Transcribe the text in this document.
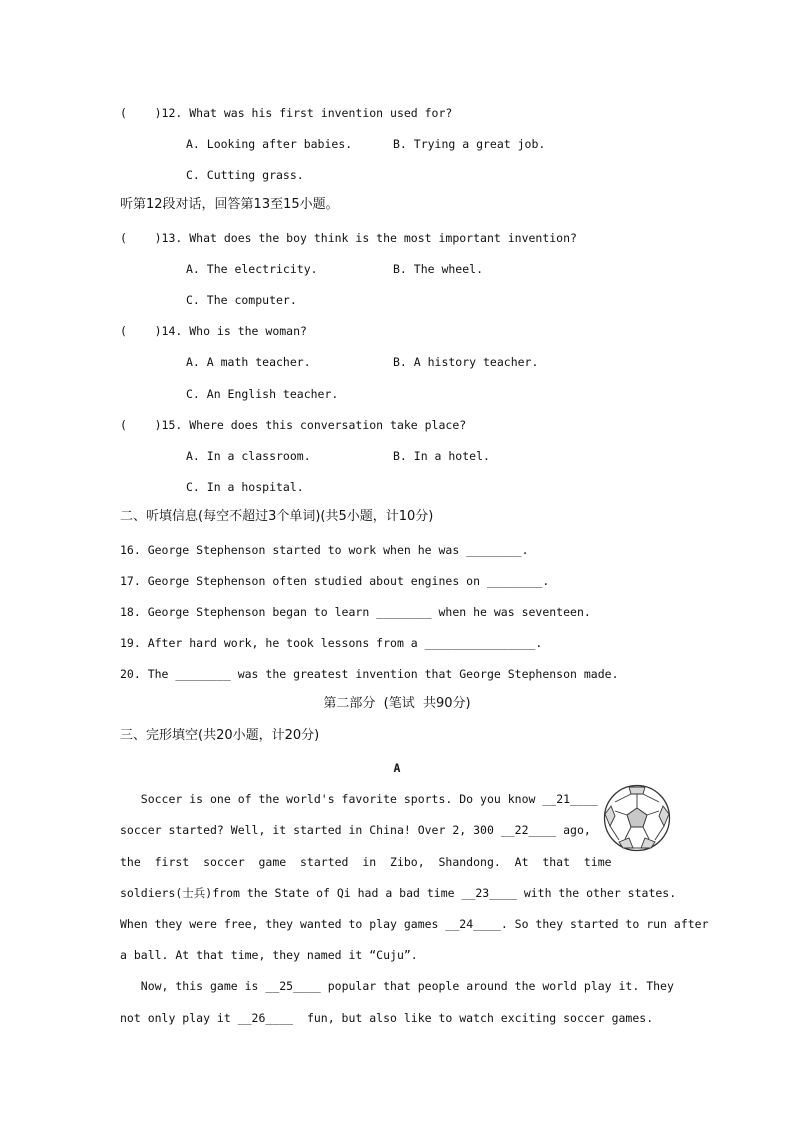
(    )12. What was his first invention used for?
A. Looking after babies.	B. Trying a great job.
C. Cutting grass.
听第12段对话，回答第13至15小题。
(    )13. What does the boy think is the most important invention?
A. The electricity.	B. The wheel.
C. The computer.
(    )14. Who is the woman?
A. A math teacher.	B. A history teacher.
C. An English teacher.
(    )15. Where does this conversation take place?
A. In a classroom.	B. In a hotel.
C. In a hospital.
二、听填信息(每空不超过3个单词)(共5小题，计10分)
16. George Stephenson started to work when he was ________.
17. George Stephenson often studied about engines on ________.
18. George Stephenson began to learn ________ when he was seventeen.
19. After hard work, he took lessons from a ________________.
20. The ________ was the greatest invention that George Stephenson made.
第二部分  (笔试  共90分)
三、完形填空(共20小题，计20分)
A
Soccer is one of the world's favorite sports. Do you know __21____
soccer started? Well, it started in China! Over 2, 300 __22____ ago,
the  first  soccer  game  started  in  Zibo,  Shandong.  At  that  time
soldiers(士兵)from the State of Qi had a bad time __23____ with the other states.
When they were free, they wanted to play games __24____. So they started to run after
a ball. At that time, they named it “Cuju”.
Now, this game is __25____ popular that people around the world play it. They
not only play it __26____  fun, but also like to watch exciting soccer games.
